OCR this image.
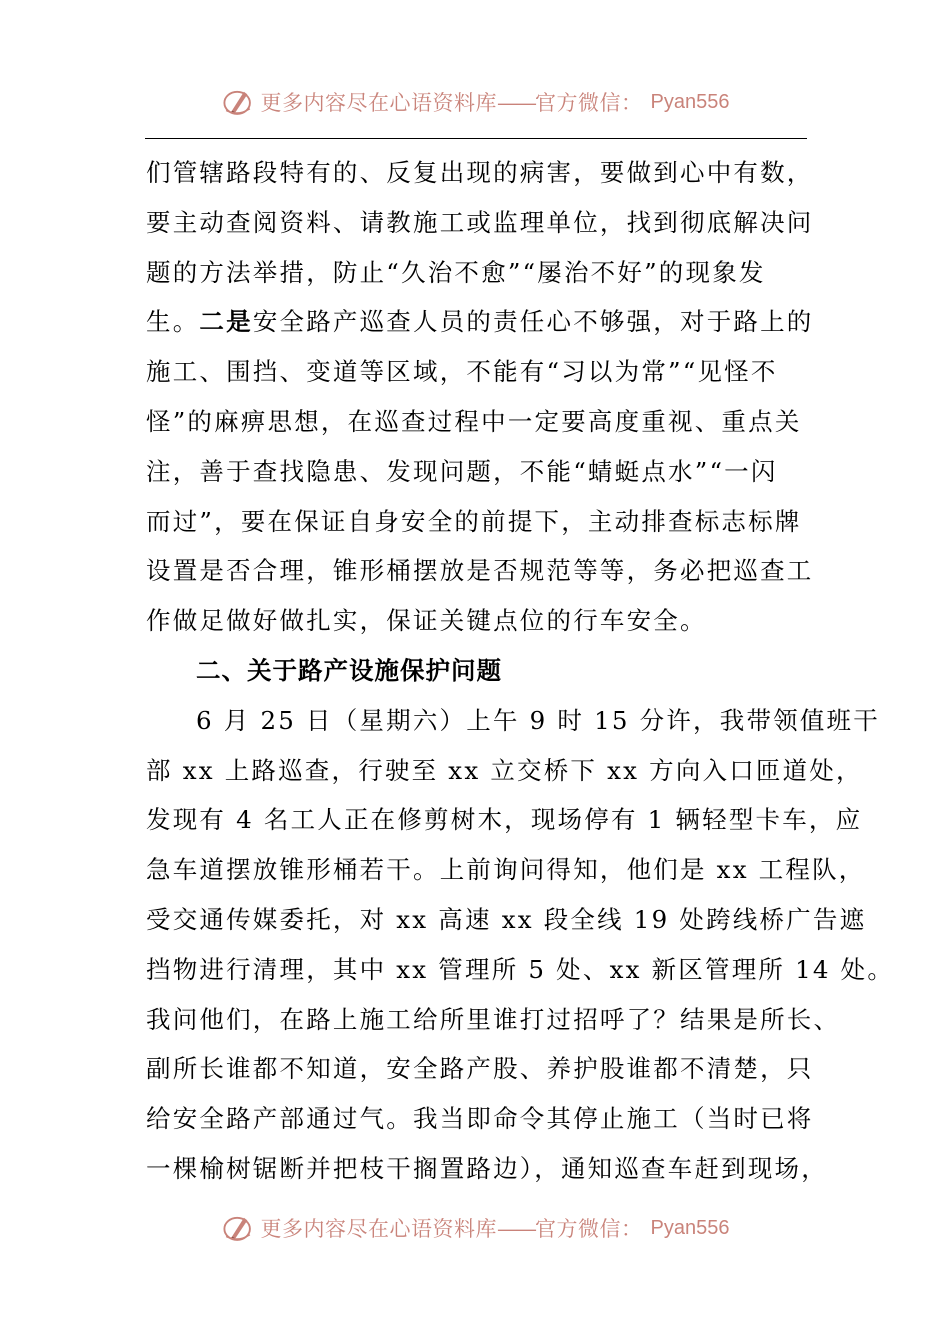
更多内容尽在心语资料库——官方微信： Pyan556
们管辖路段特有的、反复出现的病害，要做到心中有数，
要主动查阅资料、请教施工或监理单位，找到彻底解决问
题的方法举措，防止“久治不愈”“屡治不好”的现象发
生。二是安全路产巡查人员的责任心不够强，对于路上的
施工、围挡、变道等区域，不能有“习以为常”“见怪不
怪”的麻痹思想，在巡查过程中一定要高度重视、重点关
注，善于查找隐患、发现问题，不能“蜻蜓点水”“一闪
而过”，要在保证自身安全的前提下，主动排查标志标牌
设置是否合理，锥形桶摆放是否规范等等，务必把巡查工
作做足做好做扎实，保证关键点位的行车安全。
二、关于路产设施保护问题
6 月 25 日（星期六）上午 9 时 15 分许，我带领值班干
部 xx 上路巡查，行驶至 xx 立交桥下 xx 方向入口匝道处，
发现有 4 名工人正在修剪树木，现场停有 1 辆轻型卡车，应
急车道摆放锥形桶若干。上前询问得知，他们是 xx 工程队，
受交通传媒委托，对 xx 高速 xx 段全线 19 处跨线桥广告遮
挡物进行清理，其中 xx 管理所 5 处、xx 新区管理所 14 处。
我问他们，在路上施工给所里谁打过招呼了？结果是所长、
副所长谁都不知道，安全路产股、养护股谁都不清楚，只
给安全路产部通过气。我当即命令其停止施工（当时已将
一棵榆树锯断并把枝干搁置路边），通知巡查车赶到现场，
更多内容尽在心语资料库——官方微信： Pyan556
